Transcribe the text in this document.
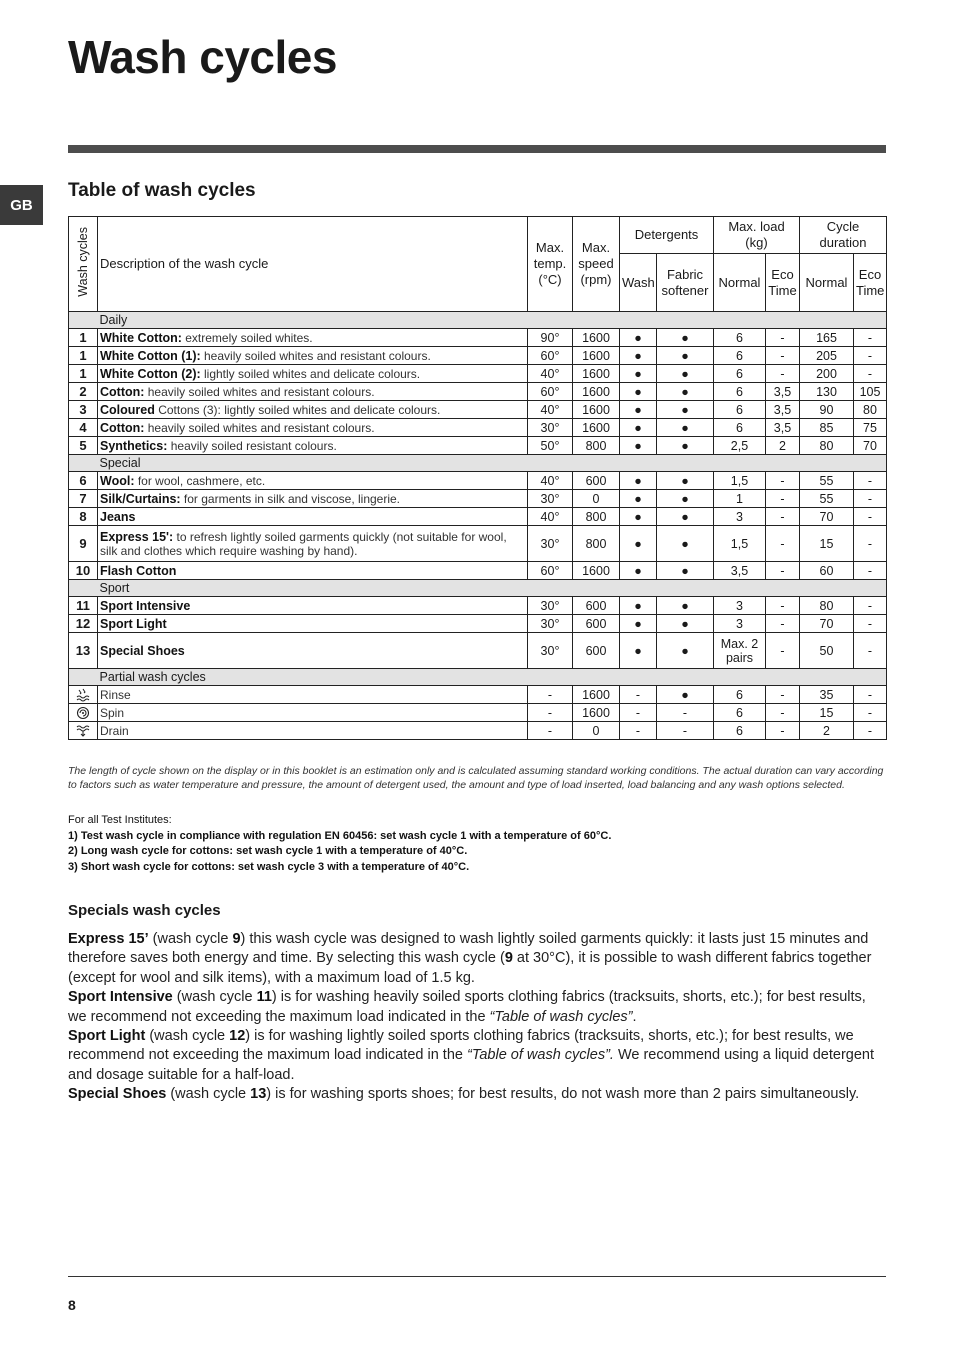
Wash cycles
GB
Table of wash cycles
Wash cycles	Description of the wash cycle	Max. temp. (°C)	Max. speed (rpm)	Detergents		Max. load (kg)		Cycle duration	
				Wash	Fabric softener	Normal	Eco Time	Normal	Eco Time
	Daily								
1	White Cotton: extremely soiled whites.	90°	1600	●	●	6	-	165	-
1	White Cotton (1): heavily soiled whites and resistant colours.	60°	1600	●	●	6	-	205	-
1	White Cotton (2): lightly soiled whites and delicate colours.	40°	1600	●	●	6	-	200	-
2	Cotton: heavily soiled whites and resistant colours.	60°	1600	●	●	6	3,5	130	105
3	Coloured Cottons (3): lightly soiled whites and delicate colours.	40°	1600	●	●	6	3,5	90	80
4	Cotton: heavily soiled whites and resistant colours.	30°	1600	●	●	6	3,5	85	75
5	Synthetics: heavily soiled resistant colours.	50°	800	●	●	2,5	2	80	70
	Special								
6	Wool: for wool, cashmere, etc.	40°	600	●	●	1,5	-	55	-
7	Silk/Curtains: for garments in silk and viscose, lingerie.	30°	0	●	●	1	-	55	-
8	Jeans	40°	800	●	●	3	-	70	-
9	Express 15': to refresh lightly soiled garments quickly (not suitable for wool, silk and clothes which require washing by hand).	30°	800	●	●	1,5	-	15	-
10	Flash Cotton	60°	1600	●	●	3,5	-	60	-
	Sport								
11	Sport Intensive	30°	600	●	●	3	-	80	-
12	Sport Light	30°	600	●	●	3	-	70	-
13	Special Shoes	30°	600	●	●	Max. 2 pairs	-	50	-
	Partial wash cycles								

	Rinse	-	1600	-	●	6	-	35	-

	Spin	-	1600	-	-	6	-	15	-

	Drain	-	0	-	-	6	-	2	-

The length of cycle shown on the display or in this booklet is an estimation only and is calculated assuming standard working conditions. The actual duration can vary according to factors such as water temperature and pressure, the amount of detergent used, the amount and type of load inserted, load balancing and any wash options selected.

For all Test Institutes:
1) Test wash cycle in compliance with regulation EN 60456: set wash cycle 1 with a temperature of 60°C.
2) Long wash cycle for cottons: set wash cycle 1 with a temperature of 40°C.
3) Short wash cycle for cottons: set wash cycle 3 with a temperature of 40°C.
Specials wash cycles

Express 15’ (wash cycle 9) this wash cycle was designed to wash lightly soiled garments quickly: it lasts just 15 minutes and therefore saves both energy and time. By selecting this wash cycle (9 at 30°C), it is possible to wash different fabrics together (except for wool and silk items), with a maximum load of 1.5 kg.

Sport Intensive (wash cycle 11) is for washing heavily soiled sports clothing fabrics (tracksuits, shorts, etc.); for best results, we recommend not exceeding the maximum load indicated in the “Table of wash cycles”.

Sport Light (wash cycle 12) is for washing lightly soiled sports clothing fabrics (tracksuits, shorts, etc.); for best results, we recommend not exceeding the maximum load indicated in the “Table of wash cycles”. We recommend using a liquid detergent and dosage suitable for a half-load.

Special Shoes (wash cycle 13) is for washing sports shoes; for best results, do not wash more than 2 pairs simultaneously.

8
